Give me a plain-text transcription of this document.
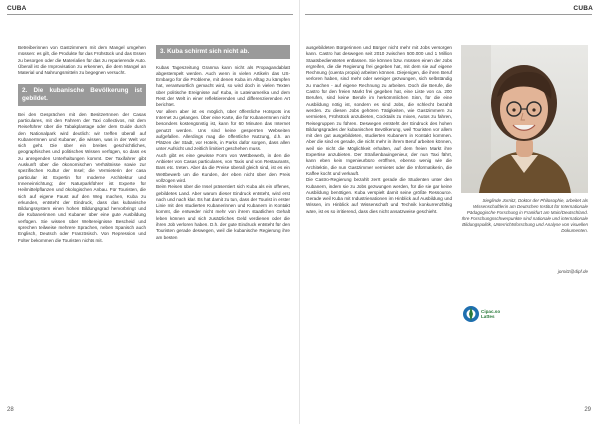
CUBA	CUBA

Betreiberinnen von Gastzimmern mit dem Mangel umgehen müssen: es gilt, die Produkte für das Frühstück und das Essen zu besorgen oder die Materialien für das zu reparierende Auto. Überall ist die Improvisation zu erkennen, die dem Mangel an Material und Nahrungsmitteln zu begegnen versucht.

2. Die kubanische Bevölkerung ist gebildet.

Bei den Gesprächen mit den BesitzerInnen der Casas particulares, mit den Fahrern der Taxi collectivos, mit dem Reiseführer über die Tabakplantage oder dem Guide durch den Nationalpark wird deutlich: wir treffen überall auf KubanerInnen und Kubaner, die wissen, was in der Welt vor sich geht. Die über ein breites geschichtliches, geographisches und politisches Wissen verfügen, so dass es zu anregenden Unterhaltungen kommt. Der Taxifahrer gibt Auskunft über die ökonomischen Verhältnisse sowie zur spezifischen Kultur der Insel; die Vermieterin der casa particular ist Expertin für moderne Architektur und Inneneinrichtung; der Naturparkführer ist Experte für Heilmittelpflanzen und ökologischen Anbau. Für Touristen, die sich auf eigene Faust auf den Weg machen, Kuba zu erkunden, entsteht der Eindruck, dass das kubanische Bildungssystem einen hohen Bildungsgrad hervorbringt und die Kubanerinnen und Kubaner über eine gute Ausbildung verfügen. Sie wissen über Weltereignisse Bescheid und sprechen teilweise mehrere Sprachen, neben Spanisch auch Englisch, Deutsch oder Französisch. Von Repression und Folter bekommen die Touristen nichts mit.

3. Kuba schirmt sich nicht ab.

Kubas Tageszeitung Granma kann nicht als Propagandablatt abgestempelt werden. Auch wenn in vielen Artikeln das US-Embargo für die Probleme, mit denen Kuba im Alltag zu kämpfen hat, verantwortlich gemacht wird, so wird doch in vielen Texten über politische Ereignisse auf Kuba, in Lateinamerika und dem Rest der Welt in einer reflektierenden und differenzierenden Art berichtet.

Vor allem aber ist es möglich, über öffentliche Hotspots ins Internet zu gelangen. Über eine Karte, die für KubanerInnen nicht besonders kostengünstig ist, kann für 60 Minuten das Internet genutzt werden. Uns sind keine gesperrten Webseiten aufgefallen. Allerdings mag die öffentliche Nutzung, d.h. an Plätzen der Stadt, vor Hotels, in Parks dafür sorgen, dass allen unter Aufsicht und zeitlich limitiert geschehen muss.

Auch gibt es eine gewisse Form von Wettbewerb, in den die Anbieter von Casas particulares, von Taxis und von Restaurants, Bars etc. treten. Aber da die Preise überall gleich sind, ist es ein Wettbewerb um die Kunden, der eben nicht über den Preis vollzogen wird.

Beim Reisen über die Insel präsentiert sich Kuba als ein offenes, gebildetes Land. Aber warum dieser Eindruck entsteht, wird erst nach und nach klar. Es hat damit zu tun, dass der Tourist in erster Linie mit den studierten Kubanerinnen und Kubanern in Kontakt kommt, die entweder nicht mehr von ihrem staatlichen Gehalt leben können und sich zusätzliches Geld verdienen oder die ihren Job verloren haben. D.h. der gute Eindruck entsteht für den Touristen gerade deswegen, weil die kubanische Regierung ihre am besten

ausgebildeten Bürgerinnen und Bürger nicht mehr mit Jobs versorgen kann. Castro hat deswegen seit 2010 zwischen 500.000 und 1 Million Staatsbediensteten entlassen. Sie können bzw. müssen einen der Jobs ergreifen, die die Regierung frei gegeben hat, mit dem sie auf eigene Rechnung (cuenta propia) arbeiten können. Diejenigen, die ihren Beruf verloren haben, sind mehr oder weniger gezwungen, sich selbständig zu machen - auf eigene Rechnung zu arbeiten. Doch die Berufe, die Castro für den freien Markt frei gegeben hat, eine Liste von ca. 200 Berufen, sind keine Berufe im herkömmlichen Sinn, für die eine Ausbildung nötig ist, sondern es sind Jobs, die schlecht bezahlt werden. Zu diesen Jobs gehören Tätigkeiten, wie Gastzimmern zu vermieten, Frühstück anzubieten, Cocktails zu mixen, Autos zu fahren, Reisegruppen zu führen. Deswegen entsteht der Eindruck des hohen Bildungsgrades der kubanischen Bevölkerung, weil Touristen vor allem mit den gut ausgebildeten, studierten Kubanern in Kontakt kommen. Aber die sind es gerade, die nicht mehr in ihrem Beruf arbeiten können, weil sie nicht die Möglichkeit erhalten, auf dem freien Markt ihre Expertise anzubieten. Der Straßenbauingenieur, der nun Taxi fährt, kann eben kein Ingenieurbüro eröffnen, ebenso wenig wie die Architektin, die nun Gastzimmer vermietet oder die Informatikerin, die Kaffee kocht und verkauft.

Die Castro-Regierung bezahlt zerrt gerade die Studenten unter den Kubanern, indem sie zu Jobs gezwungen werden, für die sie gar keine Ausbildung benötigen. Kuba verspielt damit seine größte Ressource. Gerade weil Kuba mit Industrienationen im Hinblick auf Ausbildung und Wissen, im Hinblick auf Wissenschaft und Technik konkurrenzfähig wäre, ist es so irritierend, dass dies nicht ansatzweise geschieht.

Sieglinde Jornitz, Doktor der Philosophie, arbeitet als Wissenschaftlerin am Deutschen Institut für Internationale Pädagogische Forschung in Frankfurt am Main/Deutschland. Ihre Forschungsschwerpunkte sind nationale und internationale Bildungspolitik, Unterrichtsforschung und Analyse von visuellen Dokumenten.
jornitz@dipf.de
Cipac.so
Lattes
28	29
